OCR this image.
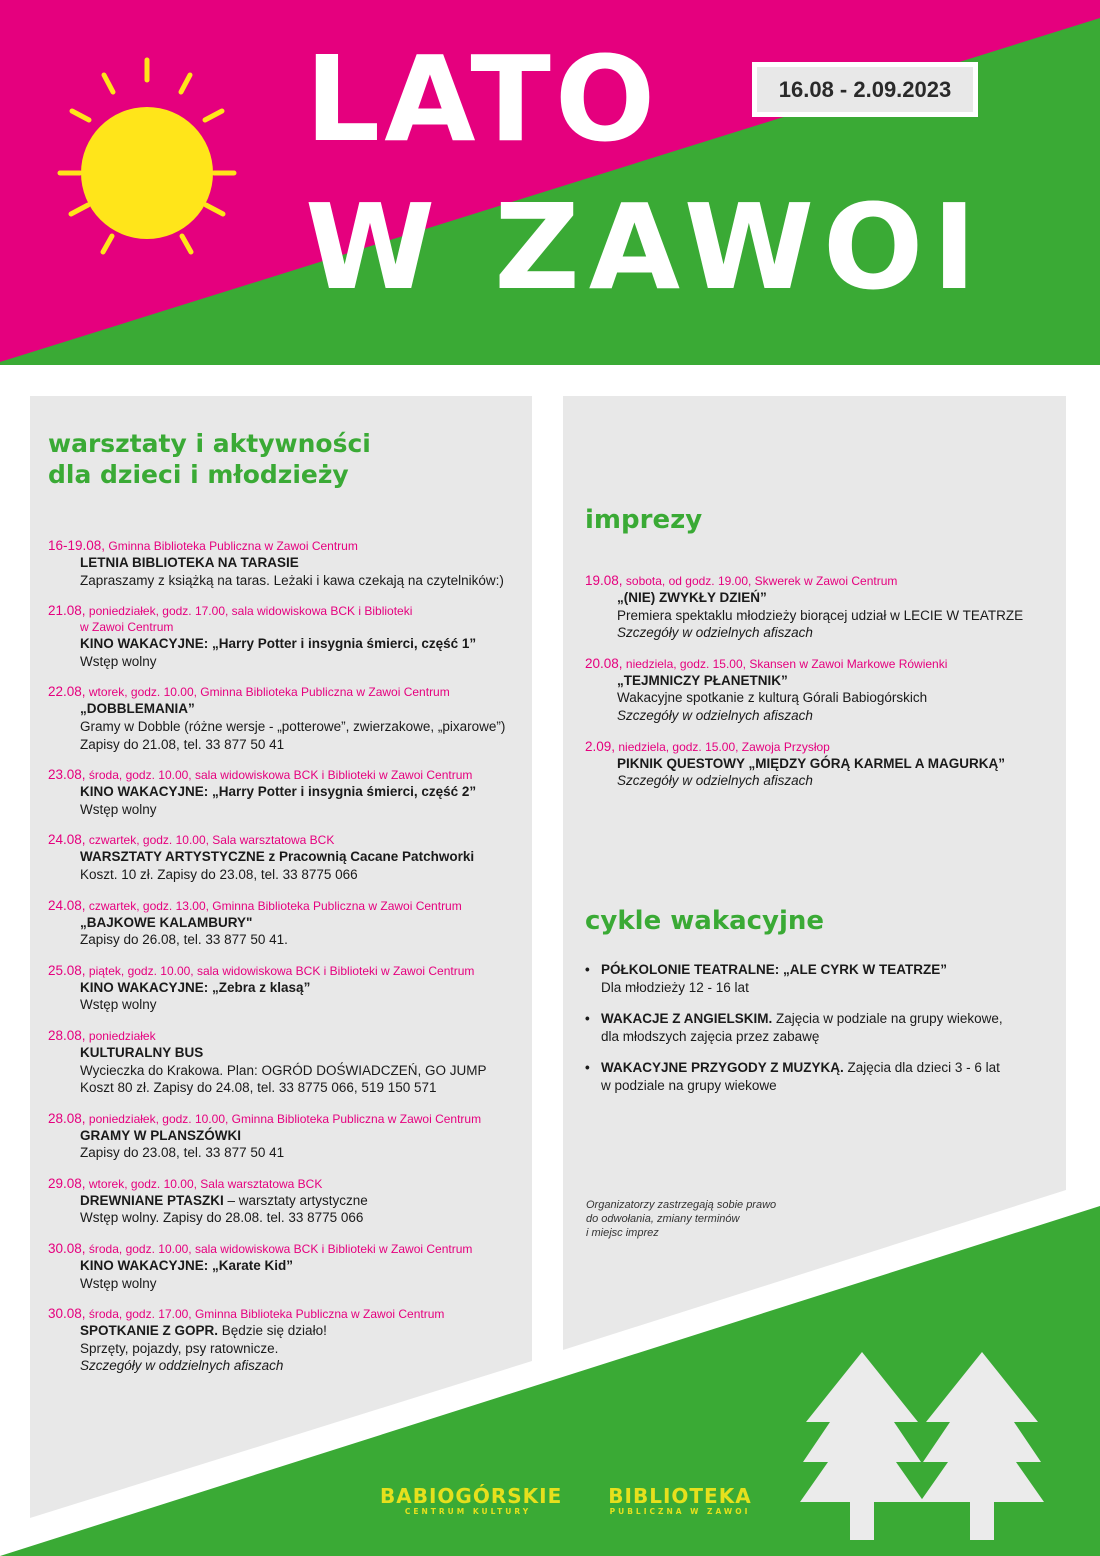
LATO
W ZAWOI
16.08 - 2.09.2023
warsztaty i aktywności
dla dzieci i młodzieży
16-19.08, Gminna Biblioteka Publiczna w Zawoi Centrum
LETNIA BIBLIOTEKA NA TARASIE
Zapraszamy z książką na taras. Leżaki i kawa czekają na czytelników:)
21.08, poniedziałek, godz. 17.00, sala widowiskowa BCK i Biblioteki
w Zawoi Centrum
KINO WAKACYJNE: „Harry Potter i insygnia śmierci, część 1”
Wstęp wolny
22.08, wtorek, godz. 10.00, Gminna Biblioteka Publiczna w Zawoi Centrum
„DOBBLEMANIA”
Gramy w Dobble (różne wersje - „potterowe”, zwierzakowe, „pixarowe”)
Zapisy do 21.08, tel. 33 877 50 41
23.08, środa, godz. 10.00, sala widowiskowa BCK i Biblioteki w Zawoi Centrum
KINO WAKACYJNE: „Harry Potter i insygnia śmierci, część 2”
Wstęp wolny
24.08, czwartek, godz. 10.00, Sala warsztatowa BCK
WARSZTATY ARTYSTYCZNE z Pracownią Cacane Patchworki
Koszt. 10 zł. Zapisy do 23.08, tel. 33 8775 066
24.08, czwartek, godz. 13.00, Gminna Biblioteka Publiczna w Zawoi Centrum
„BAJKOWE KALAMBURY"
Zapisy do 26.08, tel. 33 877 50 41.
25.08, piątek, godz. 10.00, sala widowiskowa BCK i Biblioteki w Zawoi Centrum
KINO WAKACYJNE: „Zebra z klasą”
Wstęp wolny
28.08, poniedziałek
KULTURALNY BUS
Wycieczka do Krakowa. Plan: OGRÓD DOŚWIADCZEŃ, GO JUMP
Koszt 80 zł. Zapisy do 24.08, tel. 33 8775 066, 519 150 571
28.08, poniedziałek, godz. 10.00, Gminna Biblioteka Publiczna w Zawoi Centrum
GRAMY W PLANSZÓWKI
Zapisy do 23.08, tel. 33 877 50 41
29.08, wtorek, godz. 10.00, Sala warsztatowa BCK
DREWNIANE PTASZKI – warsztaty artystyczne
Wstęp wolny. Zapisy do 28.08. tel. 33 8775 066
30.08, środa, godz. 10.00, sala widowiskowa BCK i Biblioteki w Zawoi Centrum
KINO WAKACYJNE: „Karate Kid”
Wstęp wolny
30.08, środa, godz. 17.00, Gminna Biblioteka Publiczna w Zawoi Centrum
SPOTKANIE Z GOPR. Będzie się działo!
Sprzęty, pojazdy, psy ratownicze.
Szczegóły w oddzielnych afiszach
imprezy
19.08, sobota, od godz. 19.00, Skwerek w Zawoi Centrum
„(NIE) ZWYKŁY DZIEŃ”
Premiera spektaklu młodzieży biorącej udział w LECIE W TEATRZE
Szczegóły w odzielnych afiszach
20.08, niedziela, godz. 15.00, Skansen w Zawoi Markowe Rówienki
„TEJMNICZY PŁANETNIK”
Wakacyjne spotkanie z kulturą Górali Babiogórskich
Szczegóły w odzielnych afiszach
2.09, niedziela, godz. 15.00, Zawoja Przysłop
PIKNIK QUESTOWY „MIĘDZY GÓRĄ KARMEL A MAGURKĄ”
Szczegóły w odzielnych afiszach
cykle wakacyjne
• PÓŁKOLONIE TEATRALNE: „ALE CYRK W TEATRZE”
Dla młodzieży 12 - 16 lat
• WAKACJE Z ANGIELSKIM. Zajęcia w podziale na grupy wiekowe,
dla młodszych zajęcia przez zabawę
• WAKACYJNE PRZYGODY Z MUZYKĄ. Zajęcia dla dzieci 3 - 6 lat
w podziale na grupy wiekowe
Organizatorzy zastrzegają sobie prawo
do odwołania, zmiany terminów
i miejsc imprez
BABIOGÓRSKIE
CENTRUM KULTURY
BIBLIOTEKA
PUBLICZNA W ZAWOI
